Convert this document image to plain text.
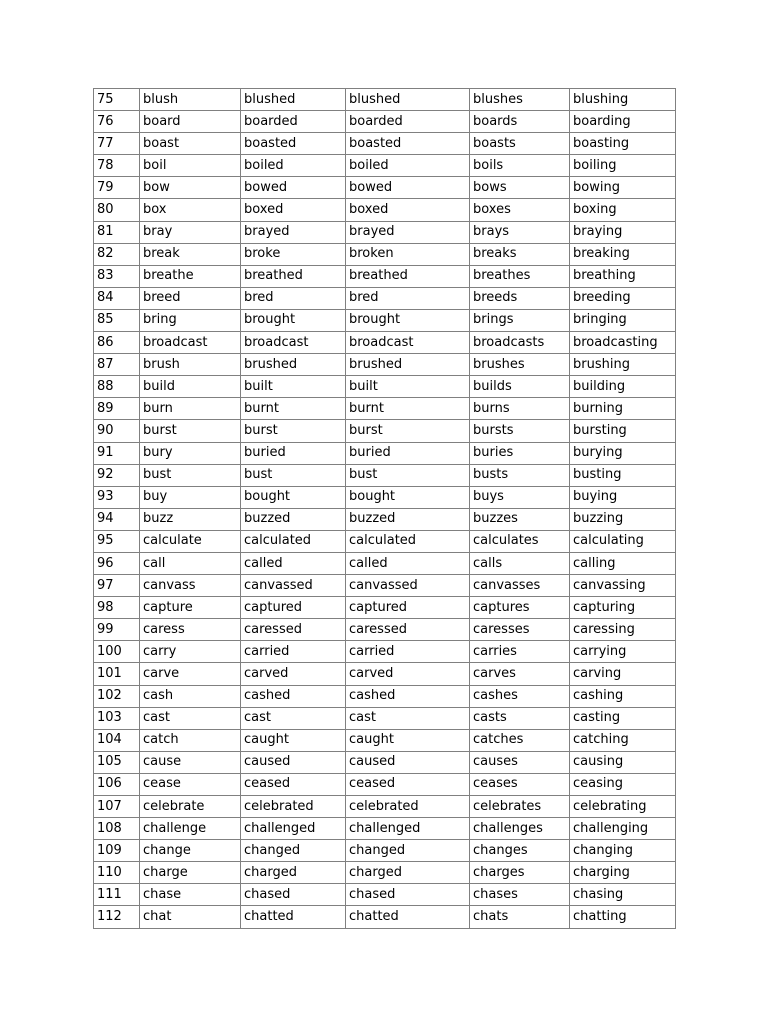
75	blush	blushed	blushed	blushes	blushing
76	board	boarded	boarded	boards	boarding
77	boast	boasted	boasted	boasts	boasting
78	boil	boiled	boiled	boils	boiling
79	bow	bowed	bowed	bows	bowing
80	box	boxed	boxed	boxes	boxing
81	bray	brayed	brayed	brays	braying
82	break	broke	broken	breaks	breaking
83	breathe	breathed	breathed	breathes	breathing
84	breed	bred	bred	breeds	breeding
85	bring	brought	brought	brings	bringing
86	broadcast	broadcast	broadcast	broadcasts	broadcasting
87	brush	brushed	brushed	brushes	brushing
88	build	built	built	builds	building
89	burn	burnt	burnt	burns	burning
90	burst	burst	burst	bursts	bursting
91	bury	buried	buried	buries	burying
92	bust	bust	bust	busts	busting
93	buy	bought	bought	buys	buying
94	buzz	buzzed	buzzed	buzzes	buzzing
95	calculate	calculated	calculated	calculates	calculating
96	call	called	called	calls	calling
97	canvass	canvassed	canvassed	canvasses	canvassing
98	capture	captured	captured	captures	capturing
99	caress	caressed	caressed	caresses	caressing
100	carry	carried	carried	carries	carrying
101	carve	carved	carved	carves	carving
102	cash	cashed	cashed	cashes	cashing
103	cast	cast	cast	casts	casting
104	catch	caught	caught	catches	catching
105	cause	caused	caused	causes	causing
106	cease	ceased	ceased	ceases	ceasing
107	celebrate	celebrated	celebrated	celebrates	celebrating
108	challenge	challenged	challenged	challenges	challenging
109	change	changed	changed	changes	changing
110	charge	charged	charged	charges	charging
111	chase	chased	chased	chases	chasing
112	chat	chatted	chatted	chats	chatting
